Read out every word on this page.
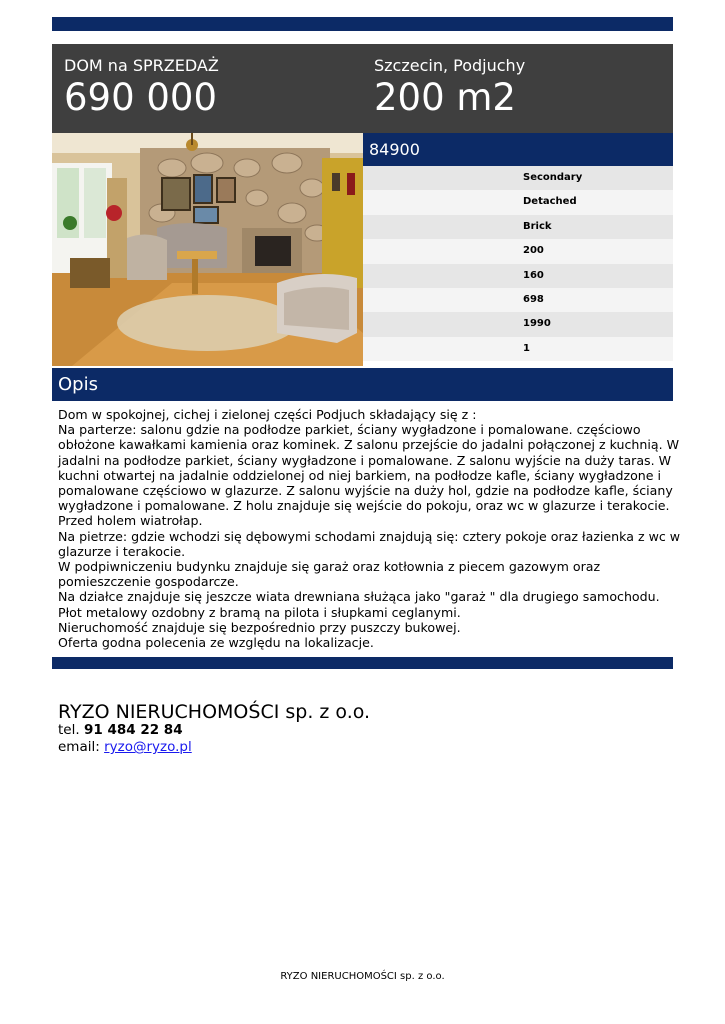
DOM na SPRZEDAŻ
690 000
Szczecin, Podjuchy
200 m2
84900
Secondary
Detached
Brick
200
160
698
1990
1
Opis
Dom w spokojnej, cichej i zielonej części Podjuch składający się z :
Na parterze: salonu gdzie na podłodze parkiet, ściany wygładzone i pomalowane. częściowo
obłożone kawałkami kamienia oraz kominek. Z salonu przejście do jadalni połączonej z kuchnią. W
jadalni na podłodze parkiet, ściany wygładzone i pomalowane. Z salonu wyjście na duży taras. W
kuchni otwartej na jadalnie oddzielonej od niej barkiem, na podłodze kafle, ściany wygładzone i
pomalowane częściowo w glazurze. Z salonu wyjście na duży hol, gdzie na podłodze kafle, ściany
wygładzone i pomalowane. Z holu znajduje się wejście do pokoju, oraz wc w glazurze i terakocie.
Przed holem wiatrołap.
Na pietrze: gdzie wchodzi się dębowymi schodami znajdują się: cztery pokoje oraz łazienka z wc w
glazurze i terakocie.
W podpiwniczeniu budynku znajduje się garaż oraz kotłownia z piecem gazowym oraz
pomieszczenie gospodarcze.
Na działce znajduje się jeszcze wiata drewniana służąca jako "garaż " dla drugiego samochodu.
Płot metalowy ozdobny z bramą na pilota i słupkami ceglanymi.
Nieruchomość znajduje się bezpośrednio przy puszczy bukowej.
Oferta godna polecenia ze względu na lokalizacje.
RYZO NIERUCHOMOŚCI sp. z o.o.
tel. 91 484 22 84
email: ryzo@ryzo.pl
RYZO NIERUCHOMOŚCI sp. z o.o.
